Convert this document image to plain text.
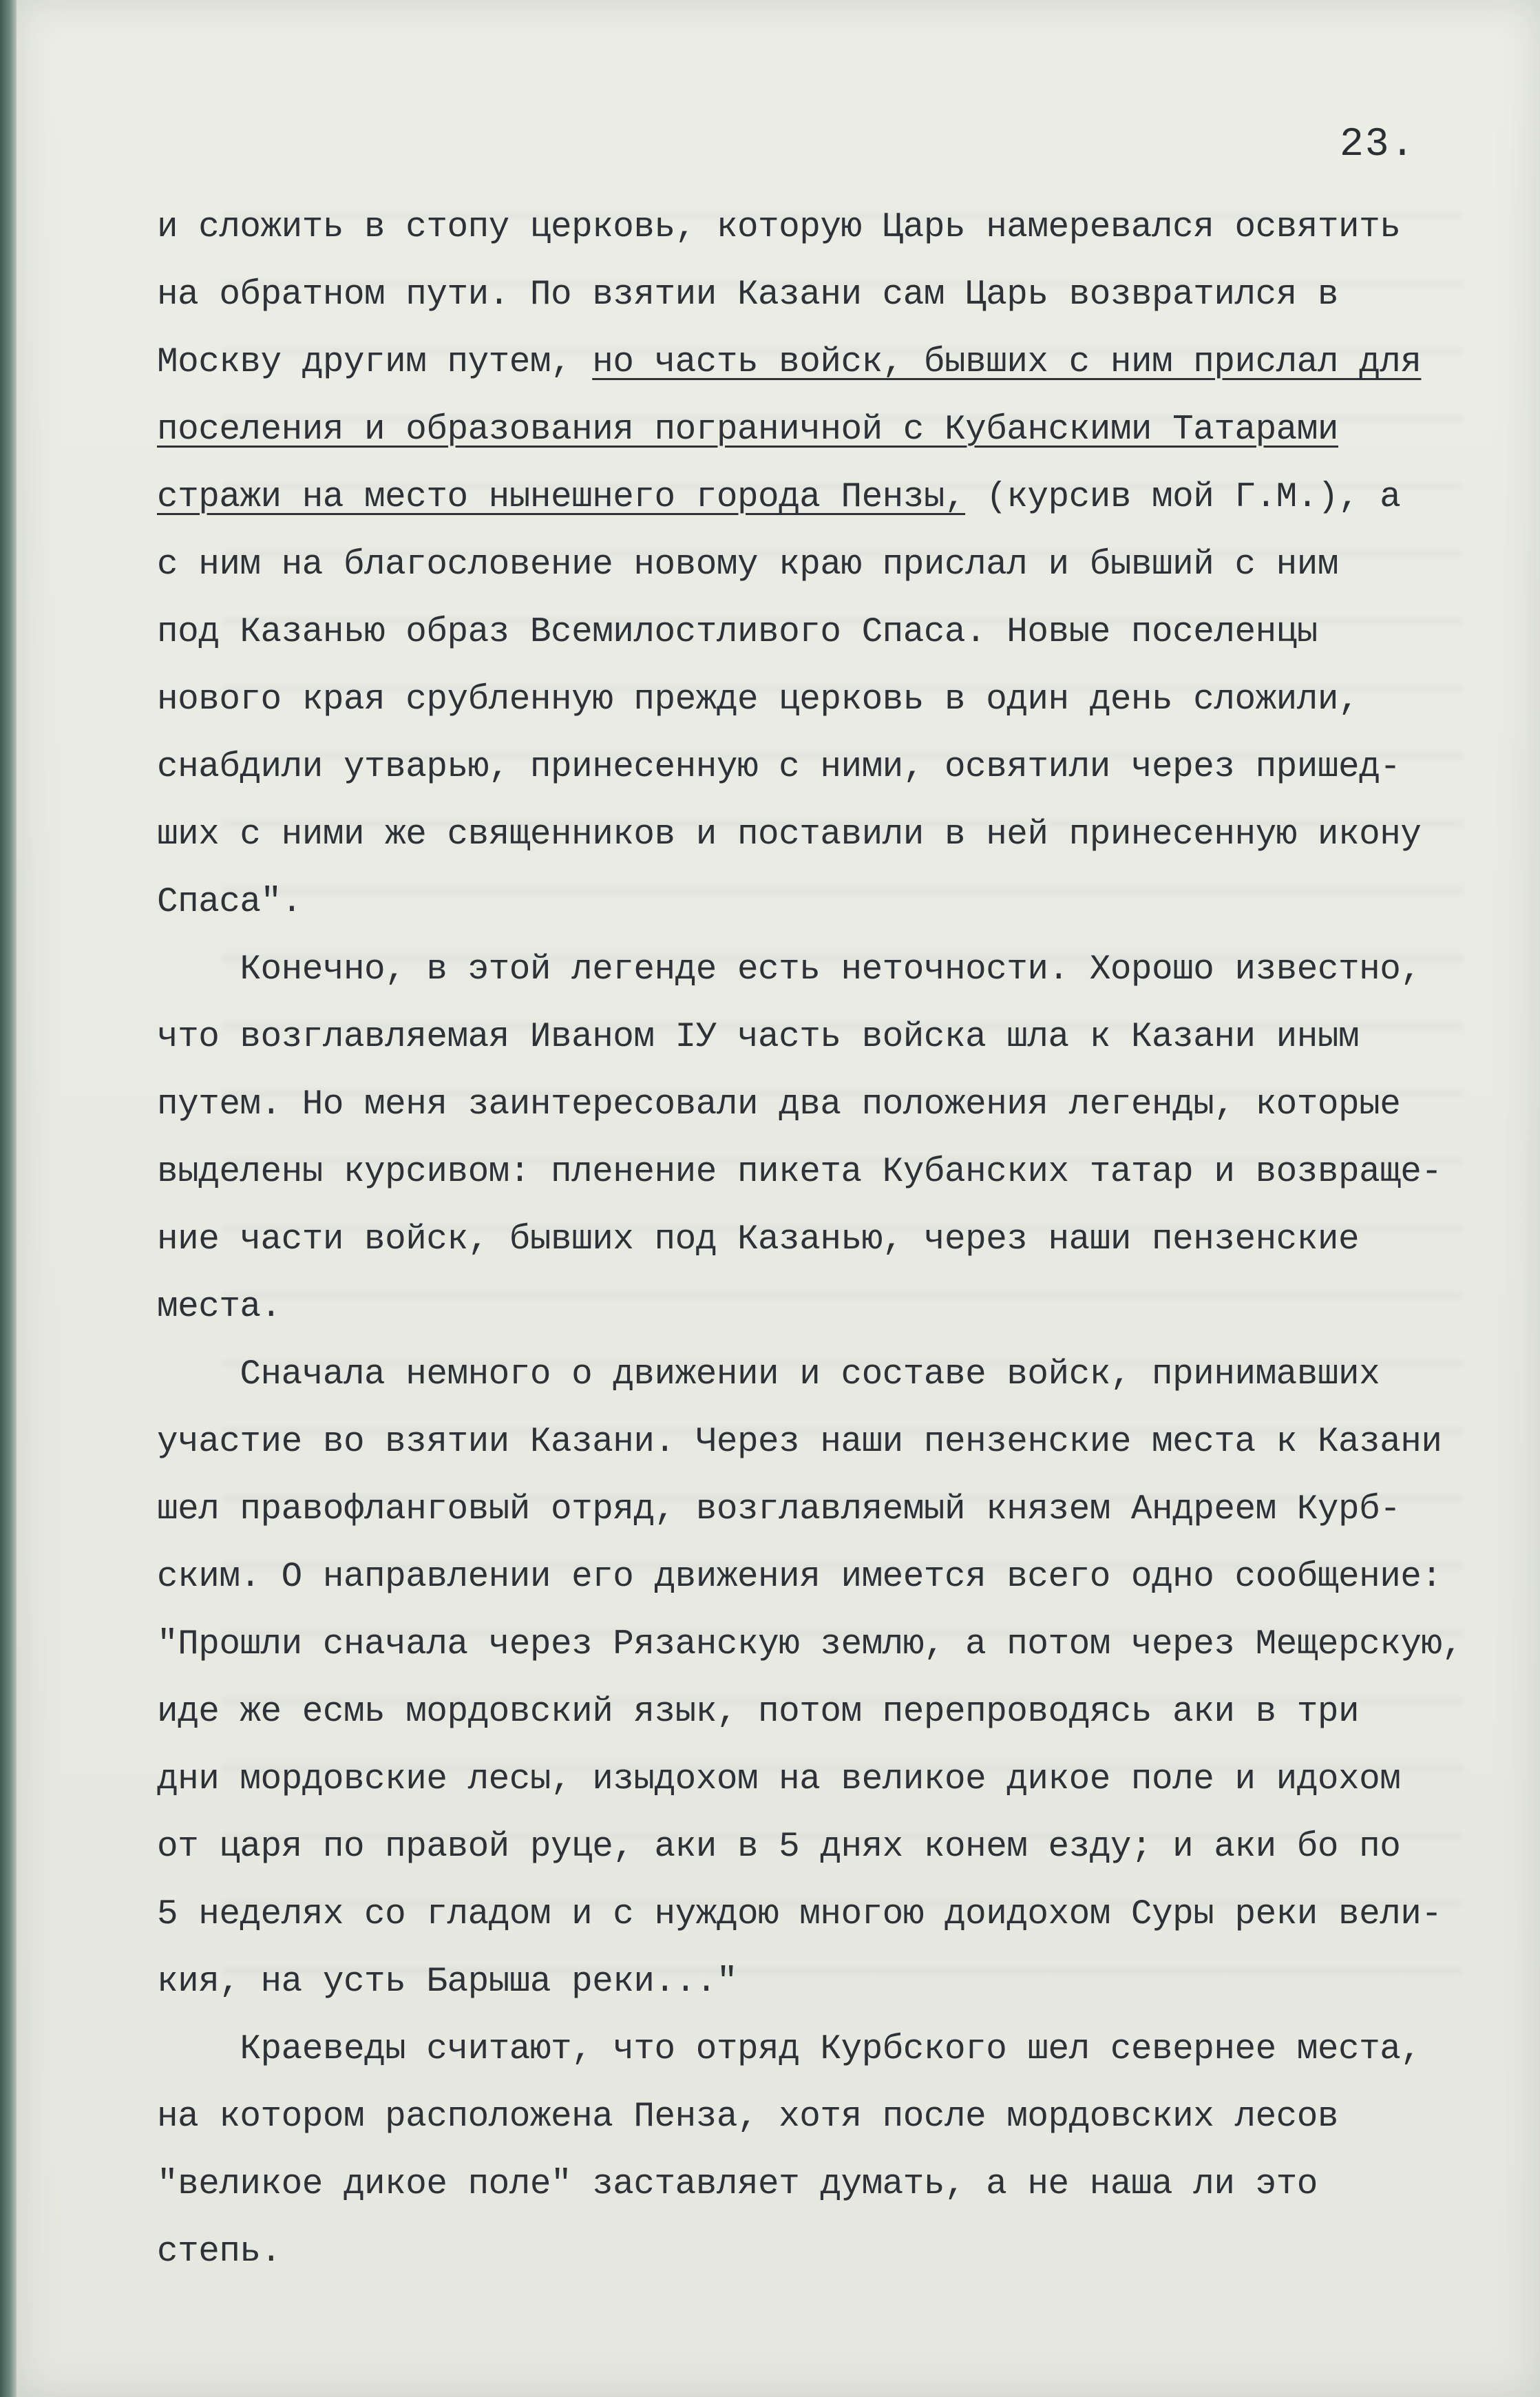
23.
и сложить в стопу церковь, которую Царь намеревался освятить
на обратном пути. По взятии Казани сам Царь возвратился в
Москву другим путем, но часть войск, бывших с ним прислал для
поселения и образования пограничной с Кубанскими Татарами
стражи на место нынешнего города Пензы, (курсив мой Г.М.), а
с ним на благословение новому краю прислал и бывший с ним
под Казанью образ Всемилостливого Спаса. Новые поселенцы
нового края срубленную прежде церковь в один день сложили,
снабдили утварью, принесенную с ними, освятили через пришед-
ших с ними же священников и поставили в ней принесенную икону
Спаса".
Конечно, в этой легенде есть неточности. Хорошо известно,
что возглавляемая Иваном IУ часть войска шла к Казани иным
путем. Но меня заинтересовали два положения легенды, которые
выделены курсивом: пленение пикета Кубанских татар и возвраще-
ние части войск, бывших под Казанью, через наши пензенские
места.
Сначала немного о движении и составе войск, принимавших
участие во взятии Казани. Через наши пензенские места к Казани
шел правофланговый отряд, возглавляемый князем Андреем Курб-
ским. О направлении его движения имеется всего одно сообщение:
"Прошли сначала через Рязанскую землю, а потом через Мещерскую,
иде же есмь мордовский язык, потом перепроводясь аки в три
дни мордовские лесы, изыдохом на великое дикое поле и идохом
от царя по правой руце, аки в 5 днях конем езду; и аки бо по
5 неделях со гладом и с нуждою многою доидохом Суры реки вели-
кия, на усть Барыша реки..."
Краеведы считают, что отряд Курбского шел севернее места,
на котором расположена Пенза, хотя после мордовских лесов
"великое дикое поле" заставляет думать, а не наша ли это
степь.
